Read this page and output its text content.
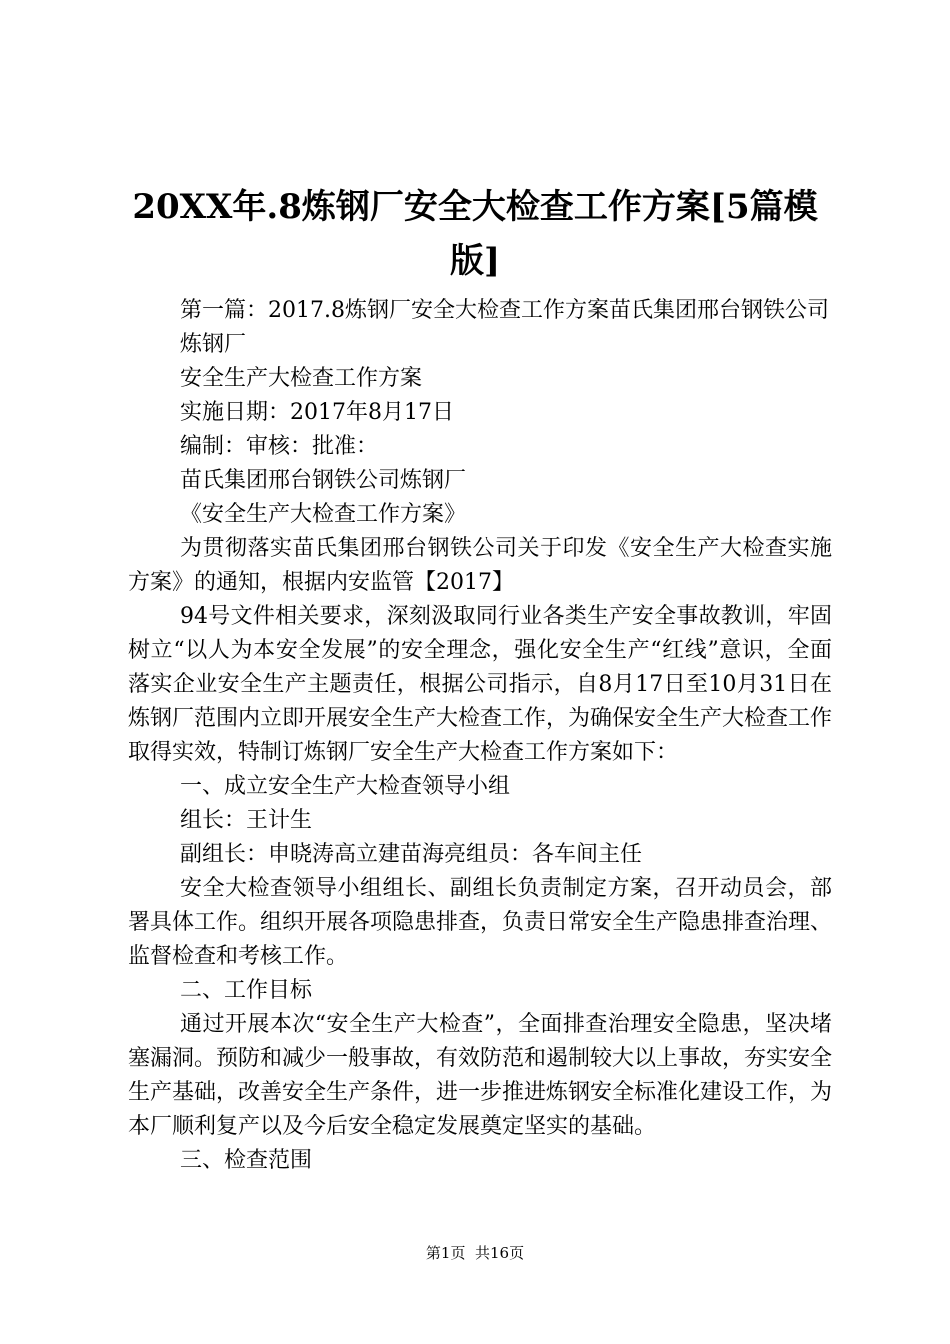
20XX年.8炼钢厂安全大检查工作方案[5篇模
版]

第一篇：2017.8炼钢厂安全大检查工作方案苗氏集团邢台钢铁公司

炼钢厂

安全生产大检查工作方案

实施日期：2017年8月17日

编制：审核：批准：

苗氏集团邢台钢铁公司炼钢厂

《安全生产大检查工作方案》

为贯彻落实苗氏集团邢台钢铁公司关于印发《安全生产大检查实施方案》的通知，根据内安监管【2017】

94号文件相关要求，深刻汲取同行业各类生产安全事故教训，牢固树立“以人为本安全发展”的安全理念，强化安全生产“红线”意识，全面落实企业安全生产主题责任，根据公司指示，自8月17日至10月31日在炼钢厂范围内立即开展安全生产大检查工作，为确保安全生产大检查工作取得实效，特制订炼钢厂安全生产大检查工作方案如下：

一、成立安全生产大检查领导小组

组长：王计生

副组长：申晓涛高立建苗海亮组员：各车间主任

安全大检查领导小组组长、副组长负责制定方案，召开动员会，部署具体工作。组织开展各项隐患排查，负责日常安全生产隐患排查治理、监督检查和考核工作。

二、工作目标

通过开展本次“安全生产大检查”，全面排查治理安全隐患，坚决堵塞漏洞。预防和减少一般事故，有效防范和遏制较大以上事故，夯实安全生产基础，改善安全生产条件，进一步推进炼钢安全标准化建设工作，为本厂顺利复产以及今后安全稳定发展奠定坚实的基础。

三、检查范围

第1页  共16页
